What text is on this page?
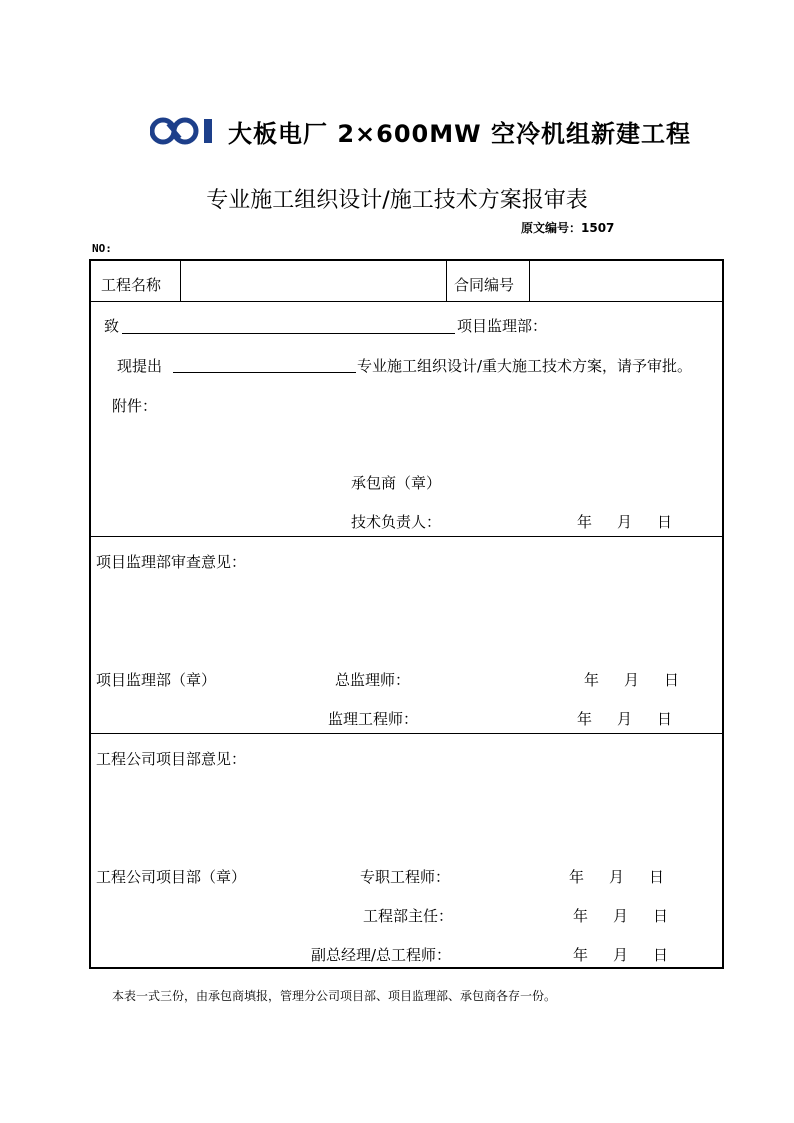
大板电厂 2×600MW 空冷机组新建工程
专业施工组织设计/施工技术方案报审表
原文编号：1507
NO:
工程名称	合同编号
致	项目监理部：
现提出	专业施工组织设计/重大施工技术方案，请予审批。
附件：
承包商（章）
技术负责人：	年 月 日
项目监理部审查意见：
项目监理部（章）	总监理师：	年 月 日
监理工程师：	年 月 日
工程公司项目部意见：
工程公司项目部（章）	专职工程师：	年 月 日
工程部主任：	年 月 日
副总经理/总工程师：	年 月 日
本表一式三份，由承包商填报，管理分公司项目部、项目监理部、承包商各存一份。
